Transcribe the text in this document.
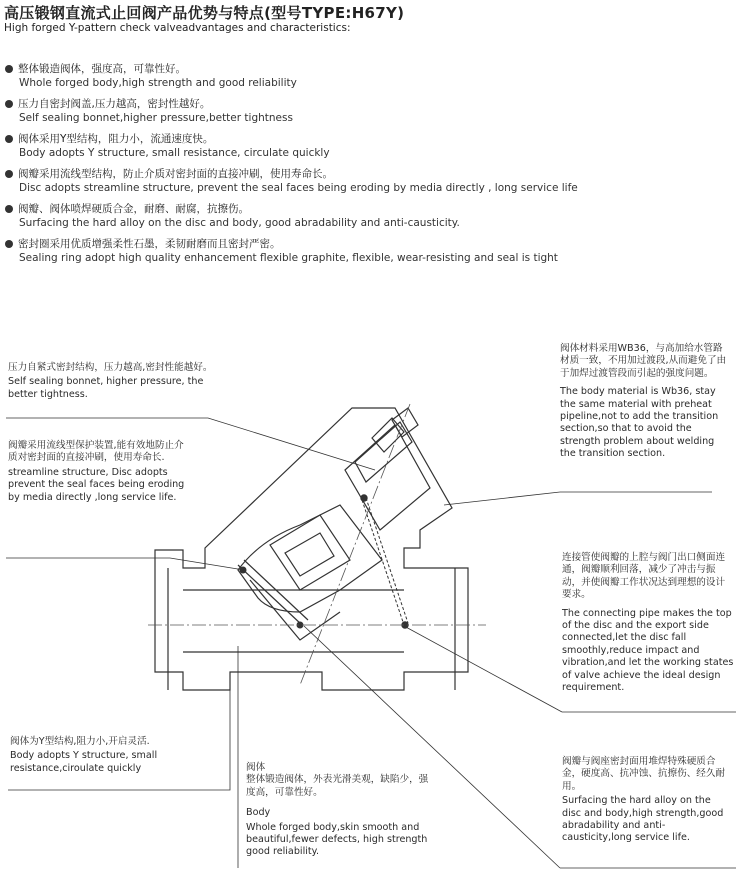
高压锻钢直流式止回阀产品优势与特点(型号TYPE:H67Y)
High forged Y-pattern check valveadvantages and characteristics:
整体锻造阀体，强度高，可靠性好。
Whole forged body,high strength and good reliability
压力自密封阀盖,压力越高，密封性越好。
Self sealing bonnet,higher pressure,better tightness
阀体采用Y型结构，阻力小，流通速度快。
Body adopts Y structure, small resistance, circulate quickly
阀瓣采用流线型结构，防止介质对密封面的直接冲刷，使用寿命长。
Disc adopts streamline structure, prevent the seal faces being eroding by media directly , long service life
阀瓣、阀体喷焊硬质合金，耐磨、耐腐，抗擦伤。
Surfacing the hard alloy on the disc and body, good abradability and anti-causticity.
密封圈采用优质增强柔性石墨，柔韧耐磨而且密封严密。
Sealing ring adopt high quality enhancement flexible graphite, flexible, wear-resisting and seal is tight
压力自紧式密封结构，压力越高,密封性能越好。
Self sealing bonnet, higher pressure, the better tightness.
阀瓣采用流线型保护装置,能有效地防止介质对密封面的直接冲刷，使用寿命长.
streamline structure, Disc adopts prevent the seal faces being eroding by media directly ,long service life.
阀体为Y型结构,阻力小,开启灵活.
Body adopts Y structure, small resistance,ciroulate quickly	阀体
整体锻造阀体，外表光滑美观，缺陷少，强度高，可靠性好。
Body
Whole forged body,skin smooth and beautiful,fewer defects, high strength good reliability.
阀体材料采用WB36，与高加给水管路材质一致，不用加过渡段,从而避免了由于加焊过渡管段而引起的强度问题。
The body material is Wb36, stay the same material with preheat pipeline,not to add the transition section,so that to avoid the strength problem about welding the transition section.
连接管使阀瓣的上腔与阀门出口侧面连通，阀瓣顺利回落，减少了冲击与振动，并使阀瓣工作状况达到理想的设计要求。
The connecting pipe makes the top of the disc and the export side connected,let the disc fall smoothly,reduce impact and vibration,and let the working states of valve achieve the ideal design requirement.
阀瓣与阀座密封面用堆焊特殊硬质合金，硬度高、抗冲蚀、抗擦伤、经久耐用。
Surfacing the hard alloy on the disc and body,high strength,good abradability and anti-causticity,long service life.
